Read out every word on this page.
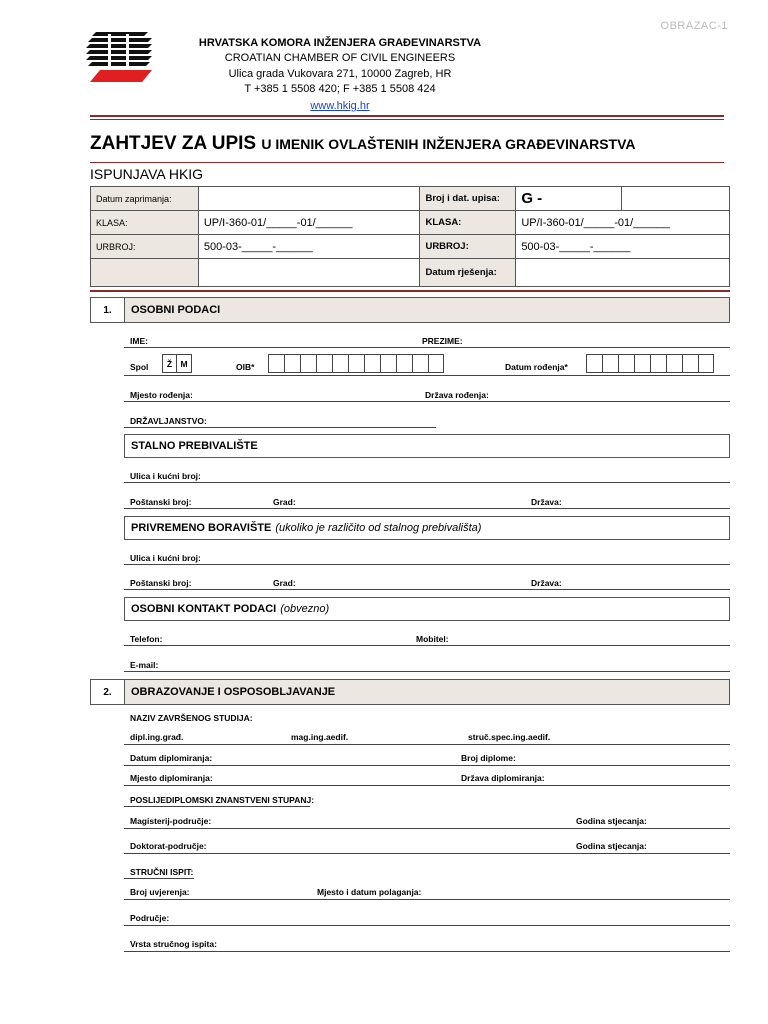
OBRAZAC-1
HRVATSKA KOMORA INŽENJERA GRAĐEVINARSTVA
CROATIAN CHAMBER OF CIVIL ENGINEERS
Ulica grada Vukovara 271, 10000 Zagreb, HR
T +385 1 5508 420; F +385 1 5508 424
www.hkig.hr
ZAHTJEV ZA UPIS U IMENIK OVLAŠTENIH INŽENJERA GRAĐEVINARSTVA
ISPUNJAVA HKIG
Datum zaprimanja:		Broj i dat. upisa:	G -	
KLASA:	UP/I-360-01/_____-01/______	KLASA:	UP/I-360-01/_____-01/______	
URBROJ:	500-03-_____-______	URBROJ:	500-03-_____-______	
		Datum rješenja:		
1.	OSOBNI PODACI
IME:	PREZIME:
Spol	Ž M	OIB*	Datum rođenja*
Mjesto rođenja:	Država rođenja:
DRŽAVLJANSTVO:
STALNO PREBIVALIŠTE
Ulica i kućni broj:
Poštanski broj:	Grad:	Država:
PRIVREMENO BORAVIŠTE (ukoliko je različito od stalnog prebivališta)
Ulica i kućni broj:
Poštanski broj:	Grad:	Država:
OSOBNI KONTAKT PODACI (obvezno)
Telefon:	Mobitel:
E-mail:
2.	OBRAZOVANJE I OSPOSOBLJAVANJE
NAZIV ZAVRŠENOG STUDIJA:
dipl.ing.građ.	mag.ing.aedif.	struč.spec.ing.aedif.
Datum diplomiranja:	Broj diplome:
Mjesto diplomiranja:	Država diplomiranja:
POSLIJEDIPLOMSKI ZNANSTVENI STUPANJ:
Magisterij-područje:	Godina stjecanja:
Doktorat-područje:	Godina stjecanja:
STRUČNI ISPIT:
Broj uvjerenja:	Mjesto i datum polaganja:
Područje:
Vrsta stručnog ispita:
